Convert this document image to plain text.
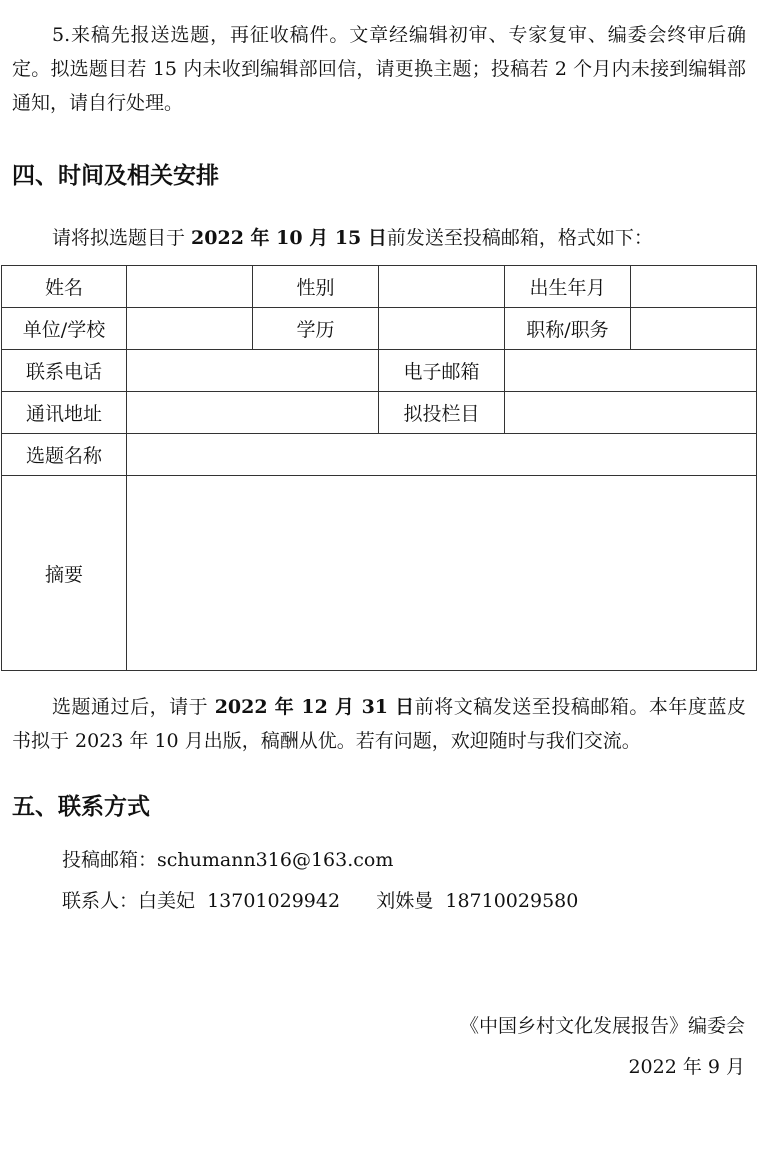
5.来稿先报送选题，再征收稿件。文章经编辑初审、专家复审、编委会终审后确定。拟选题目若 15 内未收到编辑部回信，请更换主题；投稿若 2 个月内未接到编辑部通知，请自行处理。

四、时间及相关安排

请将拟选题目于 2022 年 10 月 15 日前发送至投稿邮箱，格式如下：

姓名		性别		出生年月	
单位/学校		学历		职称/职务	
联系电话			电子邮箱		
通讯地址			拟投栏目		
选题名称					
摘要					

选题通过后，请于 2022 年 12 月 31 日前将文稿发送至投稿邮箱。本年度蓝皮书拟于 2023 年 10 月出版，稿酬从优。若有问题，欢迎随时与我们交流。

五、联系方式
投稿邮箱：schumann316@163.com
联系人：白美妃  13701029942      刘姝曼  18710029580
《中国乡村文化发展报告》编委会
2022 年 9 月
